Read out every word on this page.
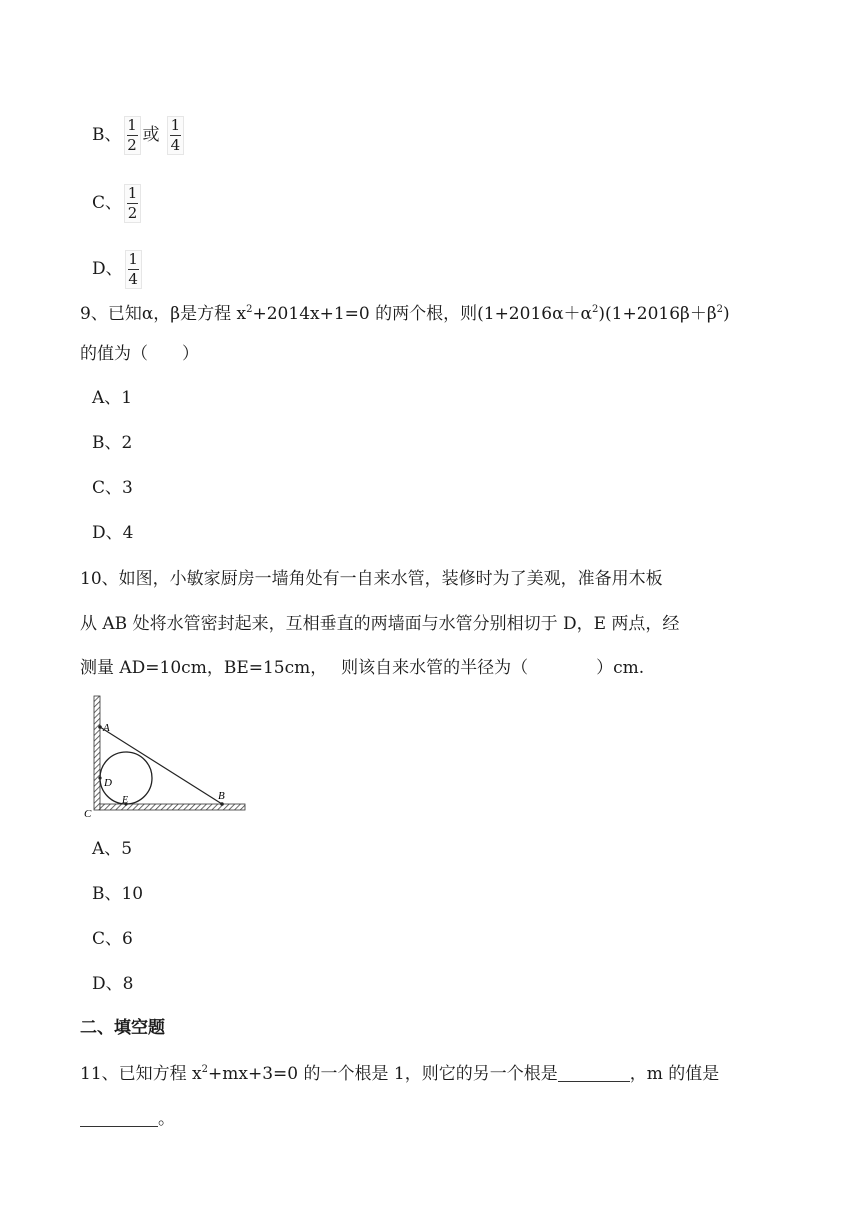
B、 $\frac{1}{2}$ 或 $\frac{1}{4}$
C、 $\frac{1}{2}$
D、 $\frac{1}{4}$
9、已知α，β是方程 $x^2+2014x+1=0$ 的两个根，则$(1+2016\alpha+\alpha^2)(1+2016\beta+\beta^2)$
的值为（　　）
A、1
B、2
C、3
D、4
10、如图，小敏家厨房一墙角处有一自来水管，装修时为了美观，准备用木板
从 AB 处将水管密封起来，互相垂直的两墙面与水管分别相切于 D，E 两点，经
测量 AD=10cm，BE=15cm，　 则该自来水管的半径为（　　　　）cm.
A
B
C
D
E
A、5
B、10
C、6
D、8
二、填空题
11、已知方程 $x^2+mx+3=0$ 的一个根是 1，则它的另一个根是	，m 的值是
。
